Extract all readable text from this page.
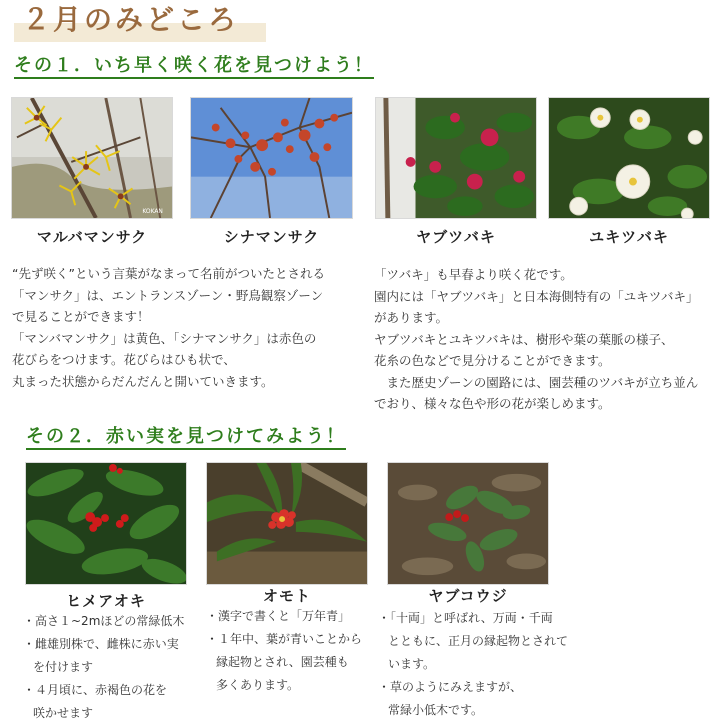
２月のみどころ
その１．いち早く咲く花を見つけよう！
KOKAN
マルバマンサク	シナマンサク	ヤブツバキ	ユキツバキ
“先ず咲く”という言葉がなまって名前がついたとされる
「マンサク」は、エントランスゾーン・野鳥観察ゾーン
で見ることができます！
「マンバマンサク」は黄色、「シナマンサク」は赤色の
花びらをつけます。花びらはひも状で、
丸まった状態からだんだんと開いていきます。
「ツバキ」も早春より咲く花です。
園内には「ヤブツバキ」と日本海側特有の「ユキツバキ」
があります。
ヤブツバキとユキツバキは、樹形や葉の葉脈の様子、
花糸の色などで見分けることができます。
　また歴史ゾーンの園路には、園芸種のツバキが立ち並ん
でおり、様々な色や形の花が楽しめます。
その２．赤い実を見つけてみよう！
ヒメアオキ	オモト	ヤブコウジ
・高さ１~2mほどの常緑低木
・雌雄別株で、雌株に赤い実
を付けます
・４月頃に、赤褐色の花を
咲かせます
・漢字で書くと「万年青」
・１年中、葉が青いことから
縁起物とされ、園芸種も
多くあります。
・「十両」と呼ばれ、万両・千両
とともに、正月の縁起物とされて
います。
・草のようにみえますが、
常緑小低木です。
